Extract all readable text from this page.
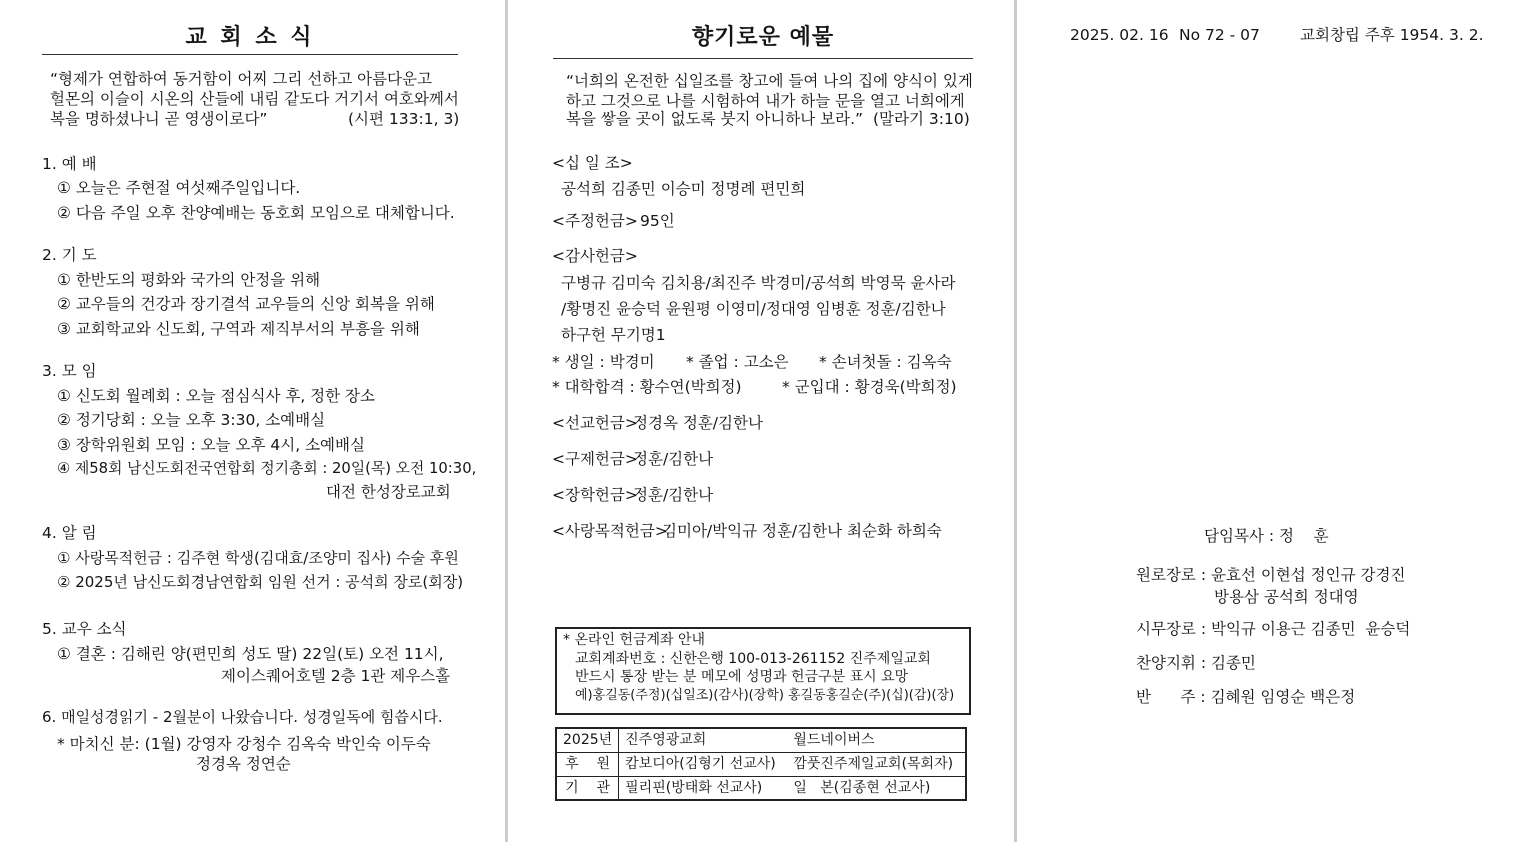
교 회 소 식
“형제가 연합하여 동거함이 어찌 그리 선하고 아름다운고
헐몬의 이슬이 시온의 산들에 내림 같도다 거기서 여호와께서
복을 명하셨나니 곧 영생이로다”	(시편 133:1, 3)
1. 예 배
① 오늘은 주현절 여섯째주일입니다.
② 다음 주일 오후 찬양예배는 동호회 모임으로 대체합니다.
2. 기 도
① 한반도의 평화와 국가의 안정을 위해
② 교우들의 건강과 장기결석 교우들의 신앙 회복을 위해
③ 교회학교와 신도회, 구역과 제직부서의 부흥을 위해
3. 모 임
① 신도회 월례회 : 오늘 점심식사 후, 정한 장소
② 정기당회 : 오늘 오후 3:30, 소예배실
③ 장학위원회 모임 : 오늘 오후 4시, 소예배실
④ 제58회 남신도회전국연합회 정기총회 : 20일(목) 오전 10:30,
대전 한성장로교회
4. 알 림
① 사랑목적헌금 : 김주현 학생(김대효/조양미 집사) 수술 후원
② 2025년 남신도회경남연합회 임원 선거 : 공석희 장로(회장)
5. 교우 소식
① 결혼 : 김해린 양(편민희 성도 딸) 22일(토) 오전 11시,
제이스퀘어호텔 2층 1관 제우스홀
6. 매일성경읽기 - 2월분이 나왔습니다. 성경일독에 힘씁시다.
* 마치신 분: (1월) 강영자 강청수 김옥숙 박인숙 이두숙
정경옥 정연순
향기로운 예물
“너희의 온전한 십일조를 창고에 들여 나의 집에 양식이 있게
하고 그것으로 나를 시험하여 내가 하늘 문을 열고 너희에게
복을 쌓을 곳이 없도록 붓지 아니하나 보라.” (말라기 3:10)
<십 일 조>
공석희 김종민 이승미 정명례 편민희
<주정헌금> 95인
<감사헌금>
구병규 김미숙 김치용/최진주 박경미/공석희 박영묵 윤사라
/황명진 윤승덕 윤원평 이영미/정대영 임병훈 정훈/김한나
하구헌 무기명1
* 생일 : 박경미 * 졸업 : 고소은 * 손녀첫돌 : 김옥숙
* 대학합격 : 황수연(박희정)	* 군입대 : 황경욱(박희정)
<선교헌금>
정경옥 정훈/김한나
<구제헌금>
정훈/김한나
<장학헌금>
정훈/김한나
<사랑목적헌금>
김미아/박익규 정훈/김한나 최순화 하희숙
* 온라인 헌금계좌 안내
교회계좌번호 : 신한은행 100-013-261152 진주제일교회
반드시 통장 받는 분 메모에 성명과 헌금구분 표시 요망
예)홍길동(주정)(십일조)(감사)(장학) 홍길동홍길순(주)(십)(감)(장)
2025년	진주영광교회	월드네이버스
후    원	캄보디아(김형기 선교사)	깜풋진주제일교회(목회자)
기    관	필리핀(방태화 선교사)	일   본(김종현 선교사)
2025. 02. 16 No 72 - 07	교회창립 주후 1954. 3. 2.
담임목사 : 정    훈
원로장로 : 윤효선 이현섭 정인규 강경진
방용삼 공석희 정대영
시무장로 : 박익규 이용근 김종민  윤승덕
찬양지휘 : 김종민
반      주 : 김혜원 임영순 백은정
